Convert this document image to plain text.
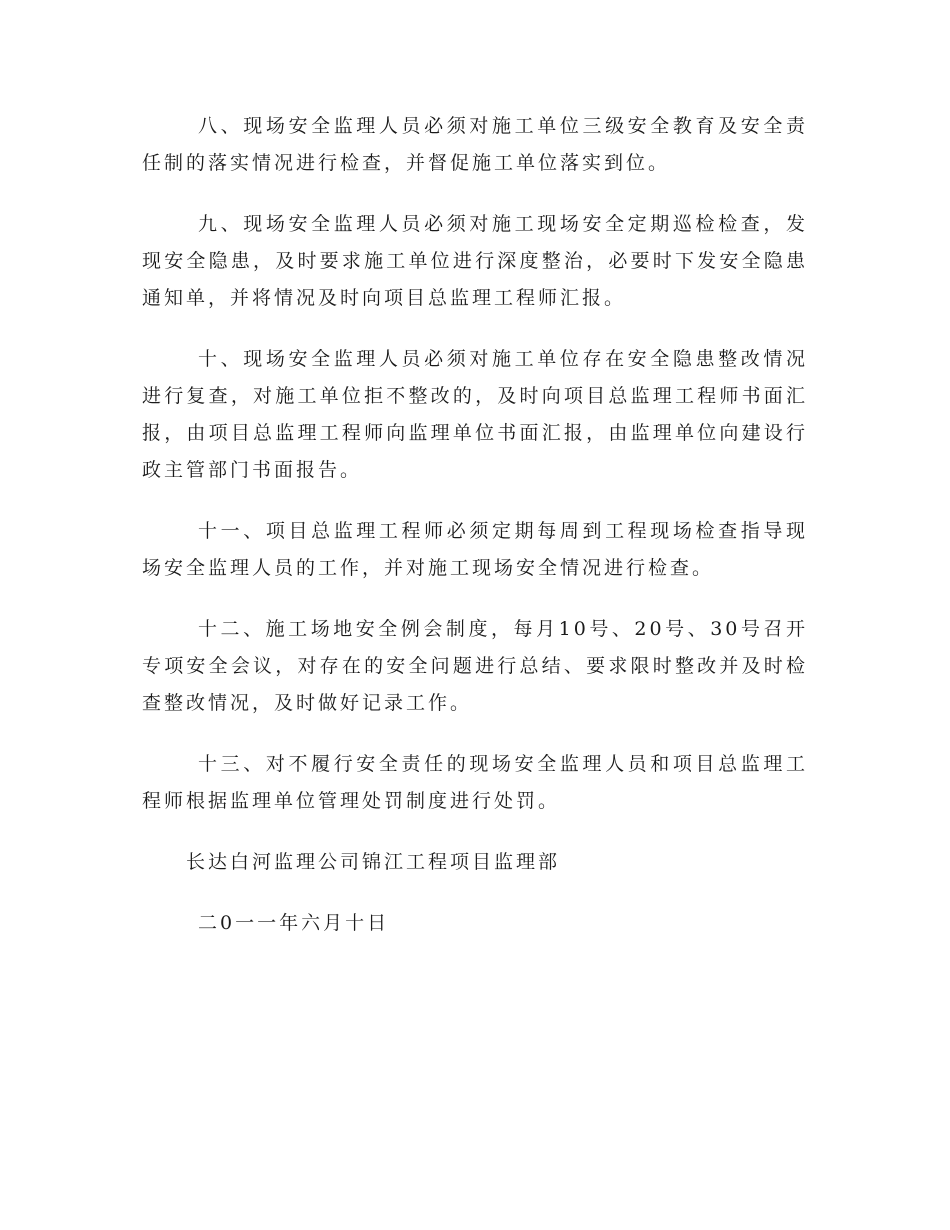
八、现场安全监理人员必须对施工单位三级安全教育及安全责任制的落实情况进行检查，并督促施工单位落实到位。

九、现场安全监理人员必须对施工现场安全定期巡检检查，发现安全隐患，及时要求施工单位进行深度整治，必要时下发安全隐患通知单，并将情况及时向项目总监理工程师汇报。

十、现场安全监理人员必须对施工单位存在安全隐患整改情况进行复查，对施工单位拒不整改的，及时向项目总监理工程师书面汇报，由项目总监理工程师向监理单位书面汇报，由监理单位向建设行政主管部门书面报告。

十一、项目总监理工程师必须定期每周到工程现场检查指导现场安全监理人员的工作，并对施工现场安全情况进行检查。

十二、施工场地安全例会制度，每月10号、20号、30号召开专项安全会议，对存在的安全问题进行总结、要求限时整改并及时检查整改情况，及时做好记录工作。

十三、对不履行安全责任的现场安全监理人员和项目总监理工程师根据监理单位管理处罚制度进行处罚。

长达白河监理公司锦江工程项目监理部

二0一一年六月十日
